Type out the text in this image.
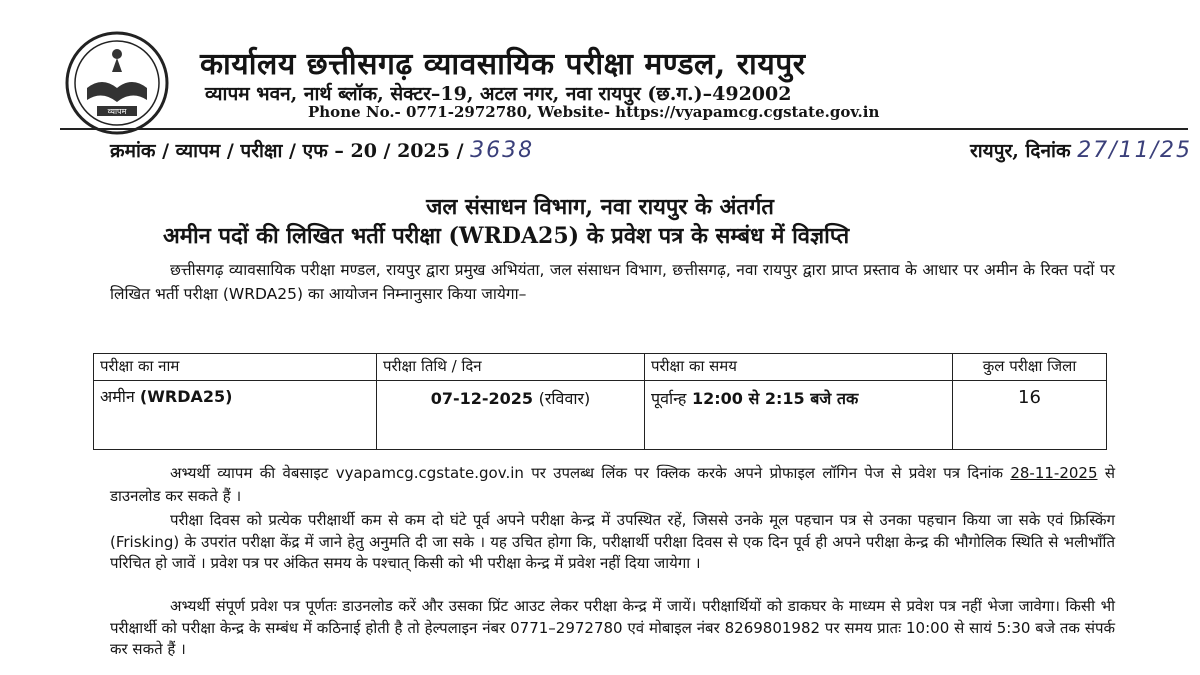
व्यापम
कार्यालय छत्तीसगढ़ व्यावसायिक परीक्षा मण्डल, रायपुर
व्यापम भवन, नार्थ ब्लॉक, सेक्टर–19, अटल नगर, नवा रायपुर (छ.ग.)–492002
Phone No.- 0771-2972780, Website- https://vyapamcg.cgstate.gov.in
क्रमांक / व्यापम / परीक्षा / एफ – 20 / 2025 / 3638	रायपुर, दिनांक 27/11/25
जल संसाधन विभाग, नवा रायपुर के अंतर्गत
अमीन पदों की लिखित भर्ती परीक्षा (WRDA25) के प्रवेश पत्र के सम्बंध में विज्ञप्ति
छत्तीसगढ़ व्यावसायिक परीक्षा मण्डल, रायपुर द्वारा प्रमुख अभियंता, जल संसाधन विभाग, छत्तीसगढ़, नवा रायपुर द्वारा प्राप्त प्रस्ताव के आधार पर अमीन के रिक्त पदों पर लिखित भर्ती परीक्षा (WRDA25) का आयोजन निम्नानुसार किया जायेगा–
परीक्षा का नाम	परीक्षा तिथि / दिन	परीक्षा का समय	कुल परीक्षा जिला
अमीन (WRDA25)	07-12-2025 (रविवार)	पूर्वान्ह 12:00 से 2:15 बजे तक	16
अभ्यर्थी व्यापम की वेबसाइट vyapamcg.cgstate.gov.in पर उपलब्ध लिंक पर क्लिक करके अपने प्रोफाइल लॉगिन पेज से प्रवेश पत्र दिनांक 28-11-2025 से डाउनलोड कर सकते हैं ।
परीक्षा दिवस को प्रत्येक परीक्षार्थी कम से कम दो घंटे पूर्व अपने परीक्षा केन्द्र में उपस्थित रहें, जिससे उनके मूल पहचान पत्र से उनका पहचान किया जा सके एवं फ्रिस्किंग (Frisking) के उपरांत परीक्षा केंद्र में जाने हेतु अनुमति दी जा सके । यह उचित होगा कि, परीक्षार्थी परीक्षा दिवस से एक दिन पूर्व ही अपने परीक्षा केन्द्र की भौगोलिक स्थिति से भलीभाँति परिचित हो जावें । प्रवेश पत्र पर अंकित समय के पश्चात् किसी को भी परीक्षा केन्द्र में प्रवेश नहीं दिया जायेगा ।
अभ्यर्थी संपूर्ण प्रवेश पत्र पूर्णतः डाउनलोड करें और उसका प्रिंट आउट लेकर परीक्षा केन्द्र में जायें। परीक्षार्थियों को डाकघर के माध्यम से प्रवेश पत्र नहीं भेजा जावेगा। किसी भी परीक्षार्थी को परीक्षा केन्द्र के सम्बंध में कठिनाई होती है तो हेल्पलाइन नंबर 0771–2972780 एवं मोबाइल नंबर 8269801982 पर समय प्रातः 10:00 से सायं 5:30 बजे तक संपर्क कर सकते हैं ।
